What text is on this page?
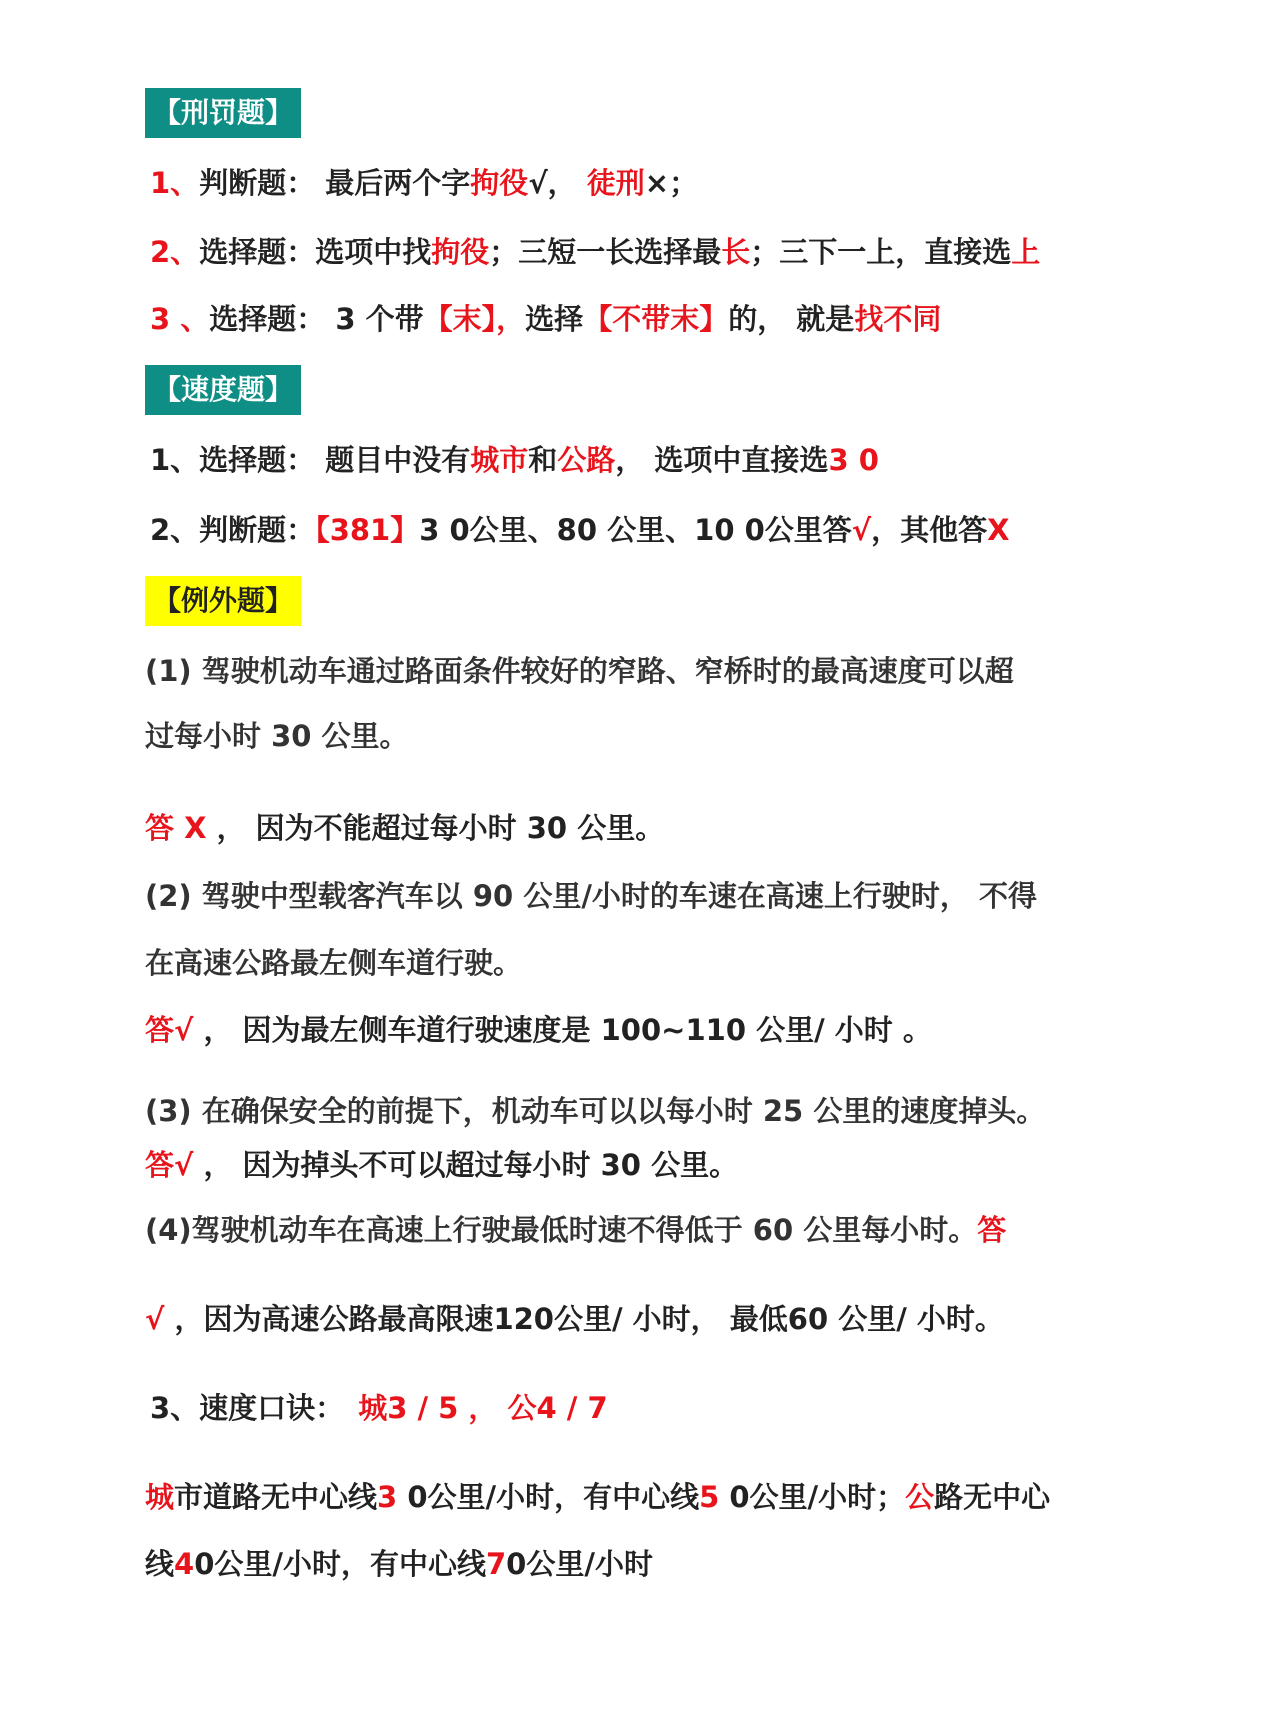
【刑罚题】
1、判断题： 最后两个字拘役√， 徒刑×；
2、选择题：选项中找拘役；三短一长选择最长；三下一上，直接选上
3 、选择题： 3 个带【末】，选择【不带末】的， 就是找不同
【速度题】
1、选择题： 题目中没有城市和公路， 选项中直接选3 0
2、判断题：【381】3 0公里、80 公里、10 0公里答√，其他答X
【例外题】
(1) 驾驶机动车通过路面条件较好的窄路、窄桥时的最高速度可以超
过每小时 30 公里。
答 X ， 因为不能超过每小时 30 公里。
(2) 驾驶中型载客汽车以 90 公里/小时的车速在高速上行驶时， 不得
在高速公路最左侧车道行驶。
答√ ， 因为最左侧车道行驶速度是 100~110 公里/ 小时 。
(3) 在确保安全的前提下，机动车可以以每小时 25 公里的速度掉头。
答√ ， 因为掉头不可以超过每小时 30 公里。
(4)驾驶机动车在高速上行驶最低时速不得低于 60 公里每小时。答
√ ，因为高速公路最高限速120公里/ 小时， 最低60 公里/ 小时。
3、速度口诀： 城3 / 5 ， 公4 / 7
城市道路无中心线3 0公里/小时，有中心线5 0公里/小时；公路无中心
线40公里/小时，有中心线70公里/小时
